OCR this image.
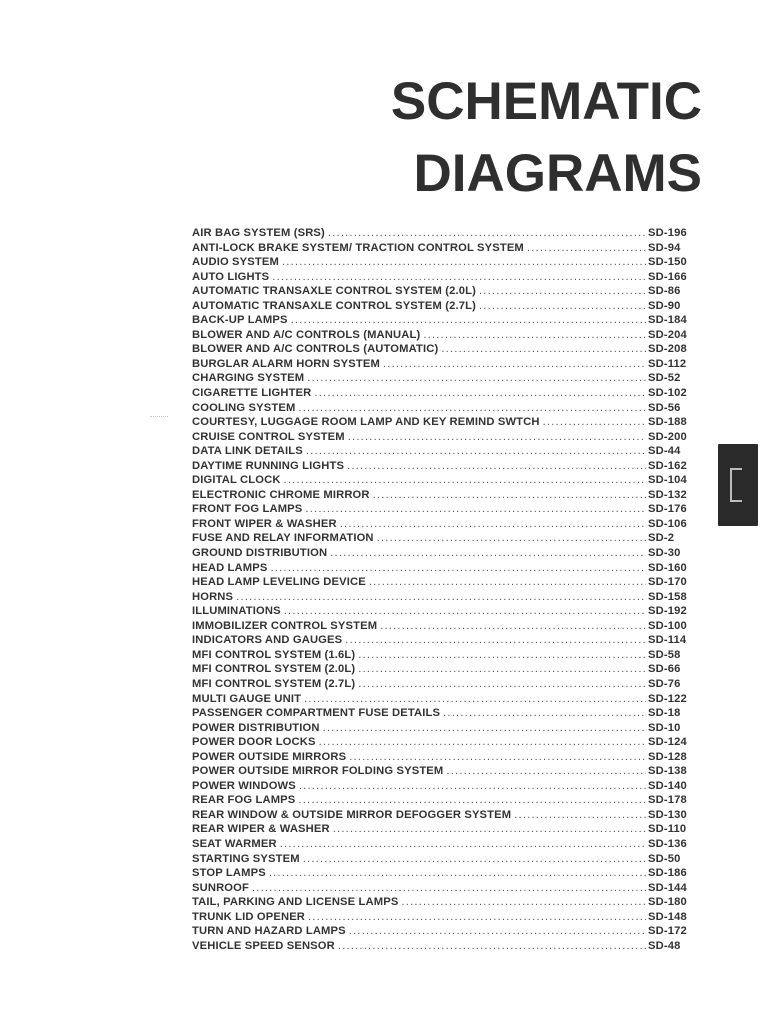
SCHEMATIC
DIAGRAMS
AIR BAG SYSTEM (SRS) .....	SD-196
ANTI-LOCK BRAKE SYSTEM/ TRACTION CONTROL SYSTEM .....	SD-94
AUDIO SYSTEM .....	SD-150
AUTO LIGHTS .....	SD-166
AUTOMATIC TRANSAXLE CONTROL SYSTEM (2.0L) .....	SD-86
AUTOMATIC TRANSAXLE CONTROL SYSTEM (2.7L) .....	SD-90
BACK-UP LAMPS .....	SD-184
BLOWER AND A/C CONTROLS (MANUAL) .....	SD-204
BLOWER AND A/C CONTROLS (AUTOMATIC) .....	SD-208
BURGLAR ALARM HORN SYSTEM .....	SD-112
CHARGING SYSTEM .....	SD-52
CIGARETTE LIGHTER .....	SD-102
COOLING SYSTEM .....	SD-56
COURTESY, LUGGAGE ROOM LAMP AND KEY REMIND SWTCH .....	SD-188
CRUISE CONTROL SYSTEM .....	SD-200
DATA LINK DETAILS .....	SD-44
DAYTIME RUNNING LIGHTS .....	SD-162
DIGITAL CLOCK .....	SD-104
ELECTRONIC CHROME MIRROR .....	SD-132
FRONT FOG LAMPS .....	SD-176
FRONT WIPER & WASHER .....	SD-106
FUSE AND RELAY INFORMATION .....	SD-2
GROUND DISTRIBUTION .....	SD-30
HEAD LAMPS .....	SD-160
HEAD LAMP LEVELING DEVICE .....	SD-170
HORNS .....	SD-158
ILLUMINATIONS .....	SD-192
IMMOBILIZER CONTROL SYSTEM .....	SD-100
INDICATORS AND GAUGES .....	SD-114
MFI CONTROL SYSTEM (1.6L) .....	SD-58
MFI CONTROL SYSTEM (2.0L) .....	SD-66
MFI CONTROL SYSTEM (2.7L) .....	SD-76
MULTI GAUGE UNIT .....	SD-122
PASSENGER COMPARTMENT FUSE DETAILS .....	SD-18
POWER DISTRIBUTION .....	SD-10
POWER DOOR LOCKS .....	SD-124
POWER OUTSIDE MIRRORS .....	SD-128
POWER OUTSIDE MIRROR FOLDING SYSTEM .....	SD-138
POWER WINDOWS .....	SD-140
REAR FOG LAMPS .....	SD-178
REAR WINDOW & OUTSIDE MIRROR DEFOGGER SYSTEM .....	SD-130
REAR WIPER & WASHER .....	SD-110
SEAT WARMER .....	SD-136
STARTING SYSTEM .....	SD-50
STOP LAMPS .....	SD-186
SUNROOF .....	SD-144
TAIL, PARKING AND LICENSE LAMPS .....	SD-180
TRUNK LID OPENER .....	SD-148
TURN AND HAZARD LAMPS .....	SD-172
VEHICLE SPEED SENSOR .....	SD-48
